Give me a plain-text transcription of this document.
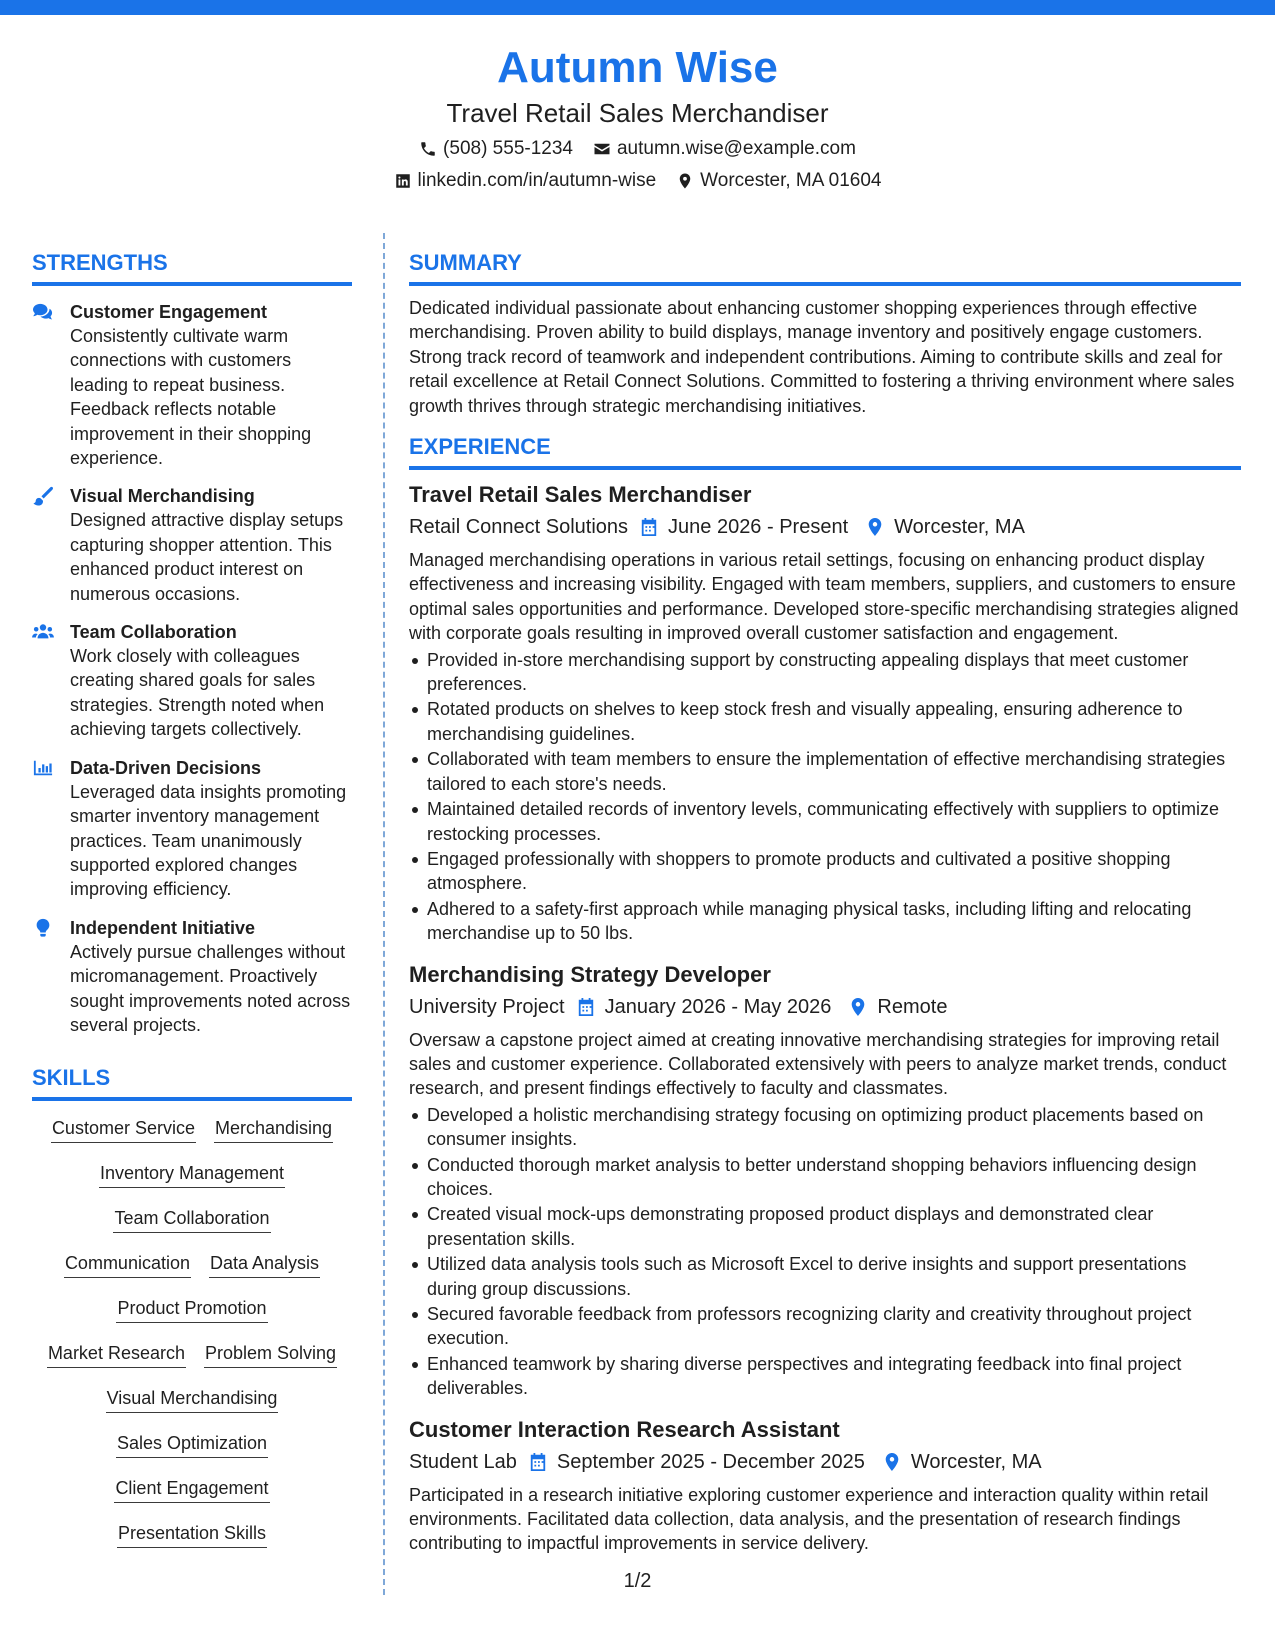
Autumn Wise
Travel Retail Sales Merchandiser
(508) 555-1234 autumn.wise@example.com
linkedin.com/in/autumn-wise Worcester, MA 01604
STRENGTHS
Customer Engagement
Consistently cultivate warm connections with customers leading to repeat business. Feedback reflects notable improvement in their shopping experience.
Visual Merchandising
Designed attractive display setups capturing shopper attention. This enhanced product interest on numerous occasions.
Team Collaboration
Work closely with colleagues creating shared goals for sales strategies. Strength noted when achieving targets collectively.
Data-Driven Decisions
Leveraged data insights promoting smarter inventory management practices. Team unanimously supported explored changes improving efficiency.
Independent Initiative
Actively pursue challenges without micromanagement. Proactively sought improvements noted across several projects.
SKILLS
Customer Service Merchandising
Inventory Management
Team Collaboration
Communication Data Analysis
Product Promotion
Market Research Problem Solving
Visual Merchandising
Sales Optimization
Client Engagement
Presentation Skills
SUMMARY

Dedicated individual passionate about enhancing customer shopping experiences through effective merchandising. Proven ability to build displays, manage inventory and positively engage customers. Strong track record of teamwork and independent contributions. Aiming to contribute skills and zeal for retail excellence at Retail Connect Solutions. Committed to fostering a thriving environment where sales growth thrives through strategic merchandising initiatives.

EXPERIENCE
Travel Retail Sales Merchandiser
Retail Connect Solutions June 2026 - Present Worcester, MA

Managed merchandising operations in various retail settings, focusing on enhancing product display effectiveness and increasing visibility. Engaged with team members, suppliers, and customers to ensure optimal sales opportunities and performance. Developed store-specific merchandising strategies aligned with corporate goals resulting in improved overall customer satisfaction and engagement.

Provided in-store merchandising support by constructing appealing displays that meet customer preferences.
Rotated products on shelves to keep stock fresh and visually appealing, ensuring adherence to merchandising guidelines.
Collaborated with team members to ensure the implementation of effective merchandising strategies tailored to each store's needs.
Maintained detailed records of inventory levels, communicating effectively with suppliers to optimize restocking processes.
Engaged professionally with shoppers to promote products and cultivated a positive shopping atmosphere.
Adhered to a safety-first approach while managing physical tasks, including lifting and relocating merchandise up to 50 lbs.
Merchandising Strategy Developer
University Project January 2026 - May 2026 Remote

Oversaw a capstone project aimed at creating innovative merchandising strategies for improving retail sales and customer experience. Collaborated extensively with peers to analyze market trends, conduct research, and present findings effectively to faculty and classmates.

Developed a holistic merchandising strategy focusing on optimizing product placements based on consumer insights.
Conducted thorough market analysis to better understand shopping behaviors influencing design choices.
Created visual mock-ups demonstrating proposed product displays and demonstrated clear presentation skills.
Utilized data analysis tools such as Microsoft Excel to derive insights and support presentations during group discussions.
Secured favorable feedback from professors recognizing clarity and creativity throughout project execution.
Enhanced teamwork by sharing diverse perspectives and integrating feedback into final project deliverables.
Customer Interaction Research Assistant
Student Lab September 2025 - December 2025 Worcester, MA

Participated in a research initiative exploring customer experience and interaction quality within retail environments. Facilitated data collection, data analysis, and the presentation of research findings contributing to impactful improvements in service delivery.

1/2
